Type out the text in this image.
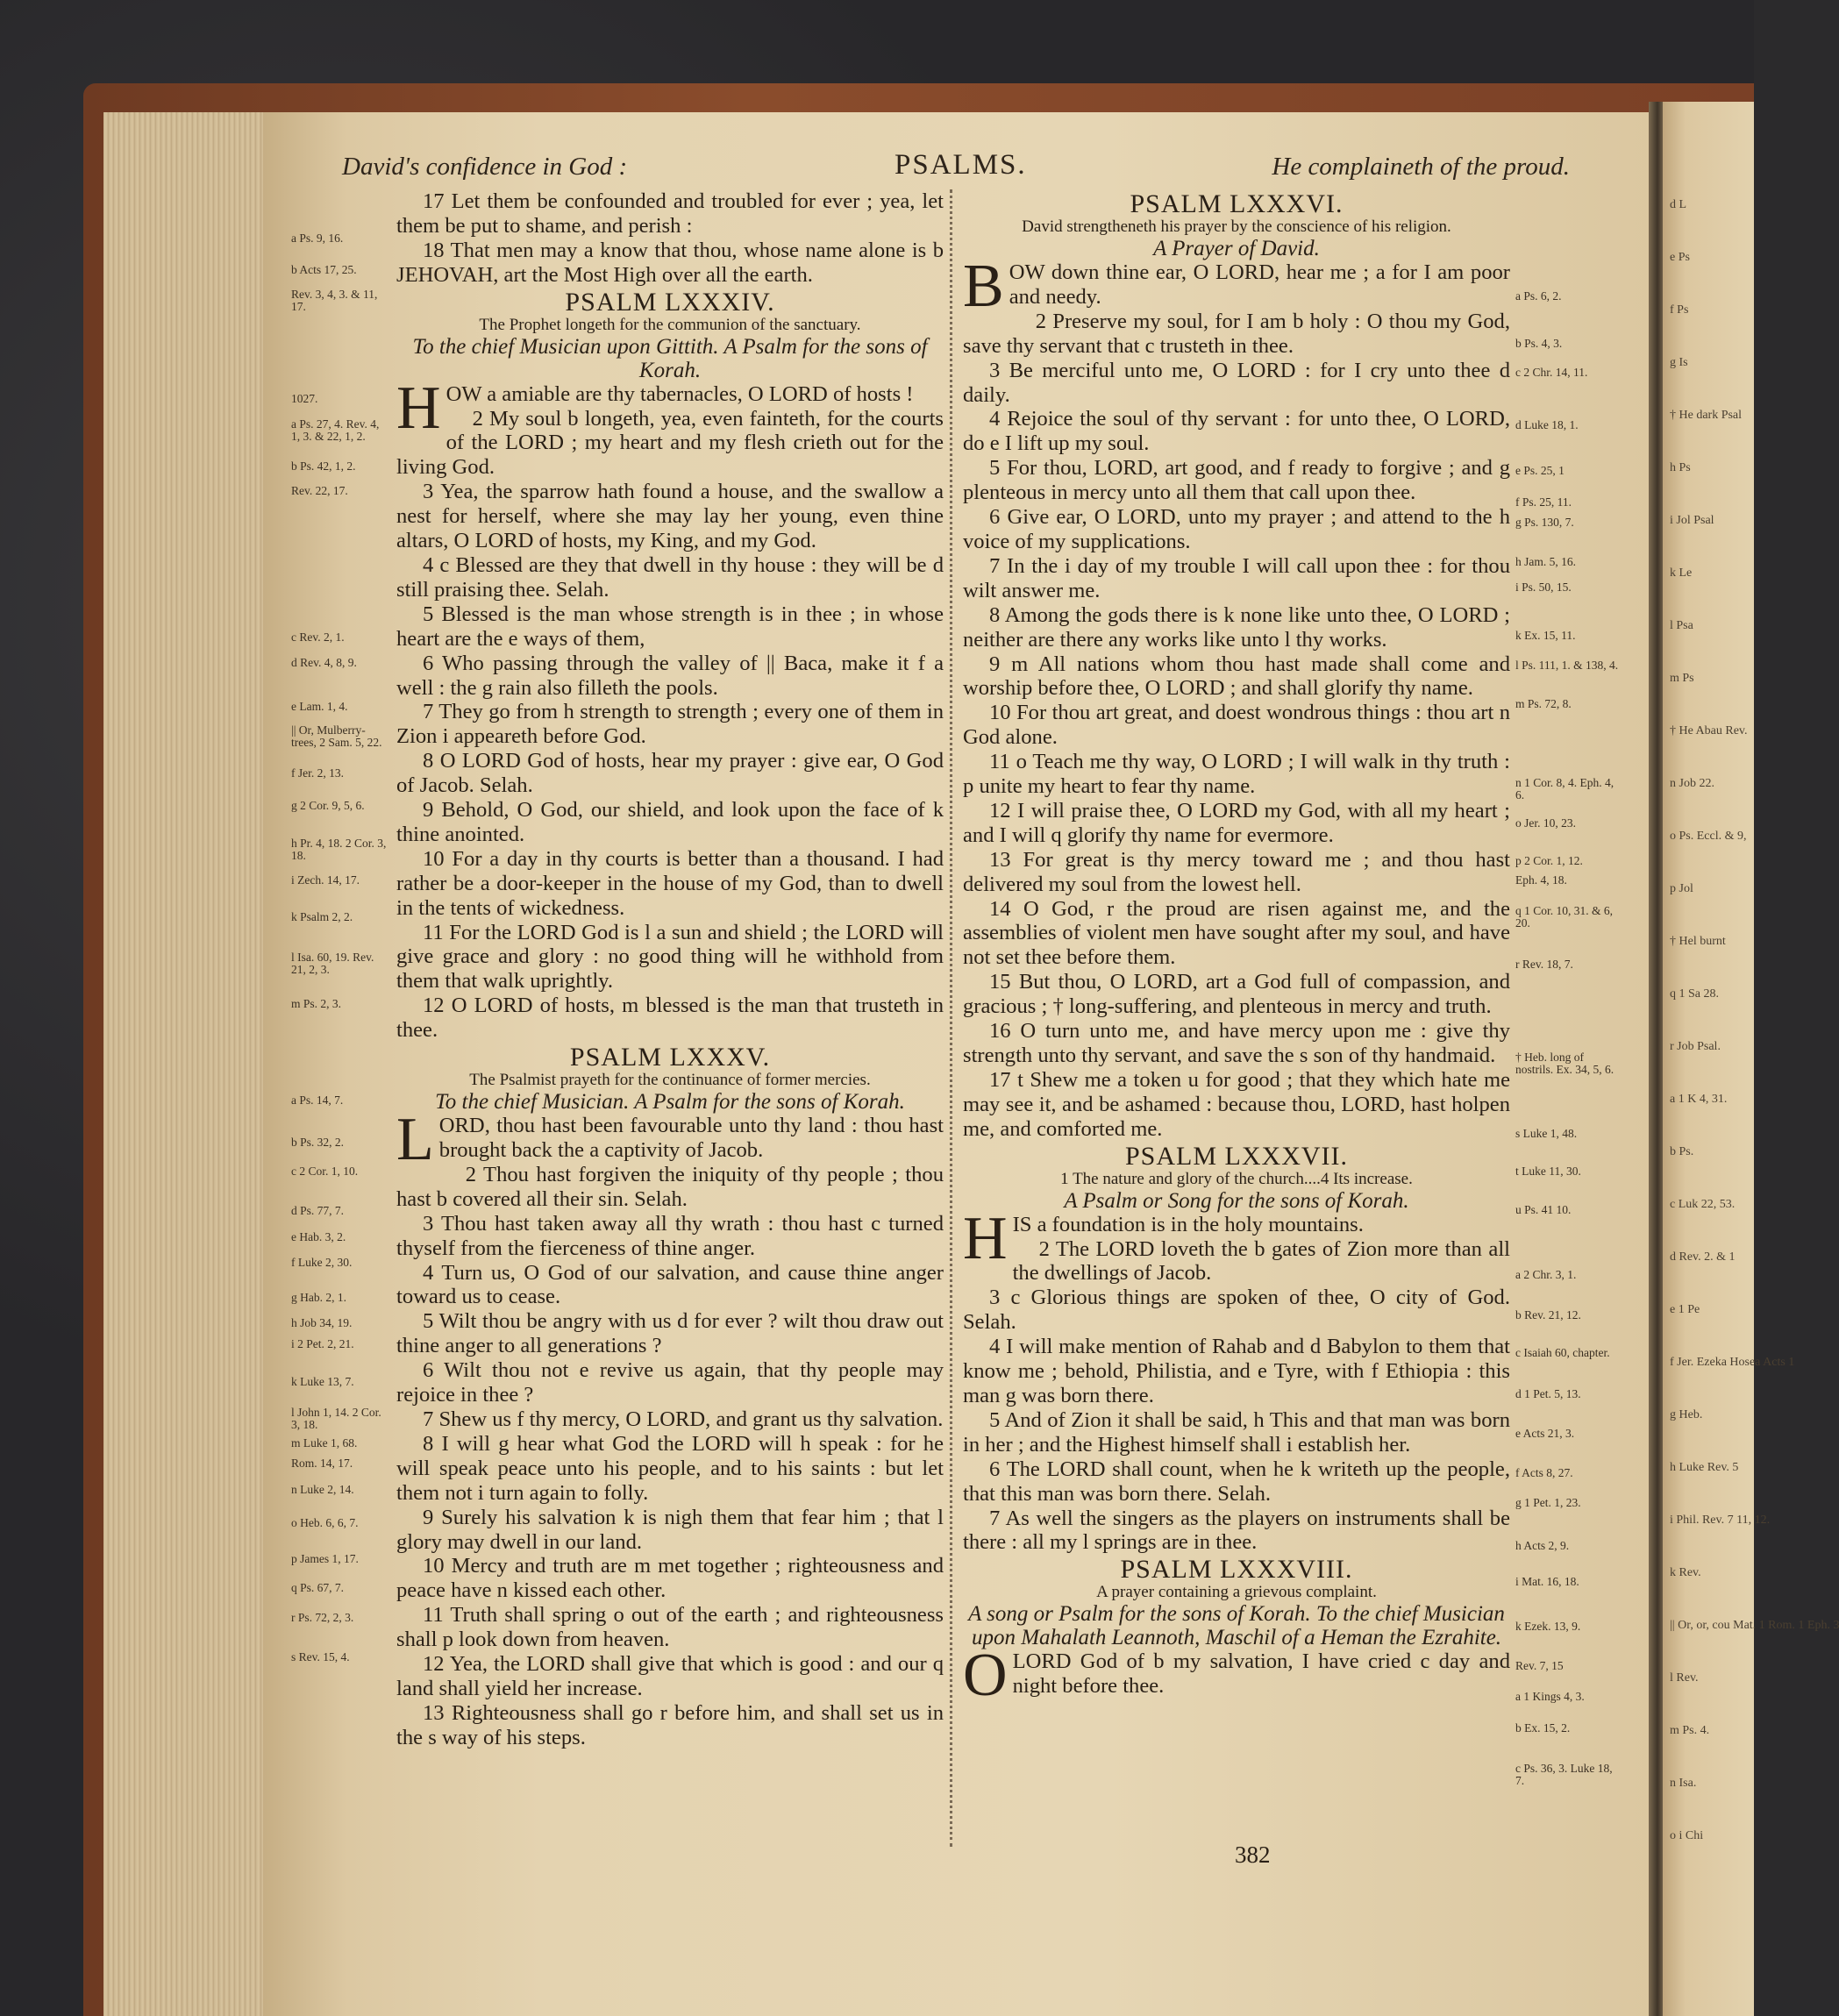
d L
e Ps
f Ps
g Is
† He dark Psal
h Ps
i Jol Psal
k Le
l Psa
m Ps
† He Abau Rev.
n Job 22.
o Ps. Eccl. & 9,
p Jol
† Hel burnt
q 1 Sa 28.
r Job Psal.
a 1 K 4, 31.
b Ps.
c Luk 22, 53.
d Rev. 2. & 1
e 1 Pe
f Jer. Ezeka Hosea Acts 1
g Heb.
h Luke Rev. 5
i Phil. Rev. 7 11, 12.
k Rev.
|| Or, or, cou Mat. 1 Rom. 1 Eph. 3
l Rev.
m Ps. 4.
n Isa.
o i Chi
David's confidence in God :	PSALMS.	He complaineth of the proud.

17 Let them be confounded and troubled for ever ; yea, let them be put to shame, and perish :

18 That men may a know that thou, whose name alone is b JEHOVAH, art the Most High over all the earth.

PSALM LXXXIV.
The Prophet longeth for the communion of the sanctuary.
To the chief Musician upon Gittith. A Psalm for the sons of Korah.

HOW a amiable are thy tabernacles, O LORD of hosts !

2 My soul b longeth, yea, even fainteth, for the courts of the LORD ; my heart and my flesh crieth out for the living God.

3 Yea, the sparrow hath found a house, and the swallow a nest for herself, where she may lay her young, even thine altars, O LORD of hosts, my King, and my God.

4 c Blessed are they that dwell in thy house : they will be d still praising thee. Selah.

5 Blessed is the man whose strength is in thee ; in whose heart are the e ways of them,

6 Who passing through the valley of || Baca, make it f a well : the g rain also filleth the pools.

7 They go from h strength to strength ; every one of them in Zion i appeareth before God.

8 O LORD God of hosts, hear my prayer : give ear, O God of Jacob. Selah.

9 Behold, O God, our shield, and look upon the face of k thine anointed.

10 For a day in thy courts is better than a thousand. I had rather be a door-keeper in the house of my God, than to dwell in the tents of wickedness.

11 For the LORD God is l a sun and shield ; the LORD will give grace and glory : no good thing will he withhold from them that walk uprightly.

12 O LORD of hosts, m blessed is the man that trusteth in thee.

PSALM LXXXV.
The Psalmist prayeth for the continuance of former mercies.
To the chief Musician. A Psalm for the sons of Korah.

LORD, thou hast been favourable unto thy land : thou hast brought back the a captivity of Jacob.

2 Thou hast forgiven the iniquity of thy people ; thou hast b covered all their sin. Selah.

3 Thou hast taken away all thy wrath : thou hast c turned thyself from the fierceness of thine anger.

4 Turn us, O God of our salvation, and cause thine anger toward us to cease.

5 Wilt thou be angry with us d for ever ? wilt thou draw out thine anger to all generations ?

6 Wilt thou not e revive us again, that thy people may rejoice in thee ?

7 Shew us f thy mercy, O LORD, and grant us thy salvation.

8 I will g hear what God the LORD will h speak : for he will speak peace unto his people, and to his saints : but let them not i turn again to folly.

9 Surely his salvation k is nigh them that fear him ; that l glory may dwell in our land.

10 Mercy and truth are m met together ; righteousness and peace have n kissed each other.

11 Truth shall spring o out of the earth ; and righteousness shall p look down from heaven.

12 Yea, the LORD shall give that which is good : and our q land shall yield her increase.

13 Righteousness shall go r before him, and shall set us in the s way of his steps.

PSALM LXXXVI.
David strengtheneth his prayer by the conscience of his religion.
A Prayer of David.

BOW down thine ear, O LORD, hear me ; a for I am poor and needy.

2 Preserve my soul, for I am b holy : O thou my God, save thy servant that c trusteth in thee.

3 Be merciful unto me, O LORD : for I cry unto thee d daily.

4 Rejoice the soul of thy servant : for unto thee, O LORD, do e I lift up my soul.

5 For thou, LORD, art good, and f ready to forgive ; and g plenteous in mercy unto all them that call upon thee.

6 Give ear, O LORD, unto my prayer ; and attend to the h voice of my supplications.

7 In the i day of my trouble I will call upon thee : for thou wilt answer me.

8 Among the gods there is k none like unto thee, O LORD ; neither are there any works like unto l thy works.

9 m All nations whom thou hast made shall come and worship before thee, O LORD ; and shall glorify thy name.

10 For thou art great, and doest wondrous things : thou art n God alone.

11 o Teach me thy way, O LORD ; I will walk in thy truth : p unite my heart to fear thy name.

12 I will praise thee, O LORD my God, with all my heart ; and I will q glorify thy name for evermore.

13 For great is thy mercy toward me ; and thou hast delivered my soul from the lowest hell.

14 O God, r the proud are risen against me, and the assemblies of violent men have sought after my soul, and have not set thee before them.

15 But thou, O LORD, art a God full of compassion, and gracious ; † long-suffering, and plenteous in mercy and truth.

16 O turn unto me, and have mercy upon me : give thy strength unto thy servant, and save the s son of thy handmaid.

17 t Shew me a token u for good ; that they which hate me may see it, and be ashamed : because thou, LORD, hast holpen me, and comforted me.

PSALM LXXXVII.
1 The nature and glory of the church....4 Its increase.
A Psalm or Song for the sons of Korah.

HIS a foundation is in the holy mountains.

2 The LORD loveth the b gates of Zion more than all the dwellings of Jacob.

3 c Glorious things are spoken of thee, O city of God. Selah.

4 I will make mention of Rahab and d Babylon to them that know me ; behold, Philistia, and e Tyre, with f Ethiopia : this man g was born there.

5 And of Zion it shall be said, h This and that man was born in her ; and the Highest himself shall i establish her.

6 The LORD shall count, when he k writeth up the people, that this man was born there. Selah.

7 As well the singers as the players on instruments shall be there : all my l springs are in thee.

PSALM LXXXVIII.
A prayer containing a grievous complaint.
A song or Psalm for the sons of Korah. To the chief Musician upon Mahalath Leannoth, Maschil of a Heman the Ezrahite.

OLORD God of b my salvation, I have cried c day and night before thee.

a Ps. 9, 16.
b Acts 17, 25.
Rev. 3, 4, 3. & 11, 17.
1027.
a Ps. 27, 4. Rev. 4, 1, 3. & 22, 1, 2.
b Ps. 42, 1, 2.
Rev. 22, 17.
c Rev. 2, 1.
d Rev. 4, 8, 9.
e Lam. 1, 4.
|| Or, Mulberry-trees, 2 Sam. 5, 22.
f Jer. 2, 13.
g 2 Cor. 9, 5, 6.
h Pr. 4, 18. 2 Cor. 3, 18.
i Zech. 14, 17.
k Psalm 2, 2.
l Isa. 60, 19. Rev. 21, 2, 3.
m Ps. 2, 3.
a Ps. 14, 7.
b Ps. 32, 2.
c 2 Cor. 1, 10.
d Ps. 77, 7.
e Hab. 3, 2.
f Luke 2, 30.
g Hab. 2, 1.
h Job 34, 19.
i 2 Pet. 2, 21.
k Luke 13, 7.
l John 1, 14. 2 Cor. 3, 18.
m Luke 1, 68.
Rom. 14, 17.
n Luke 2, 14.
o Heb. 6, 6, 7.
p James 1, 17.
q Ps. 67, 7.
r Ps. 72, 2, 3.
s Rev. 15, 4.
a Ps. 6, 2.
b Ps. 4, 3.
c 2 Chr. 14, 11.
d Luke 18, 1.
e Ps. 25, 1
f Ps. 25, 11.
g Ps. 130, 7.
h Jam. 5, 16.
i Ps. 50, 15.
k Ex. 15, 11.
l Ps. 111, 1. & 138, 4.
m Ps. 72, 8.
n 1 Cor. 8, 4. Eph. 4, 6.
o Jer. 10, 23.
p 2 Cor. 1, 12.
Eph. 4, 18.
q 1 Cor. 10, 31. & 6, 20.
r Rev. 18, 7.
† Heb. long of nostrils. Ex. 34, 5, 6.
s Luke 1, 48.
t Luke 11, 30.
u Ps. 41 10.
a 2 Chr. 3, 1.
b Rev. 21, 12.
c Isaiah 60, chapter.
d 1 Pet. 5, 13.
e Acts 21, 3.
f Acts 8, 27.
g 1 Pet. 1, 23.
h Acts 2, 9.
i Mat. 16, 18.
k Ezek. 13, 9.
Rev. 7, 15
a 1 Kings 4, 3.
b Ex. 15, 2.
c Ps. 36, 3. Luke 18, 7.
382
